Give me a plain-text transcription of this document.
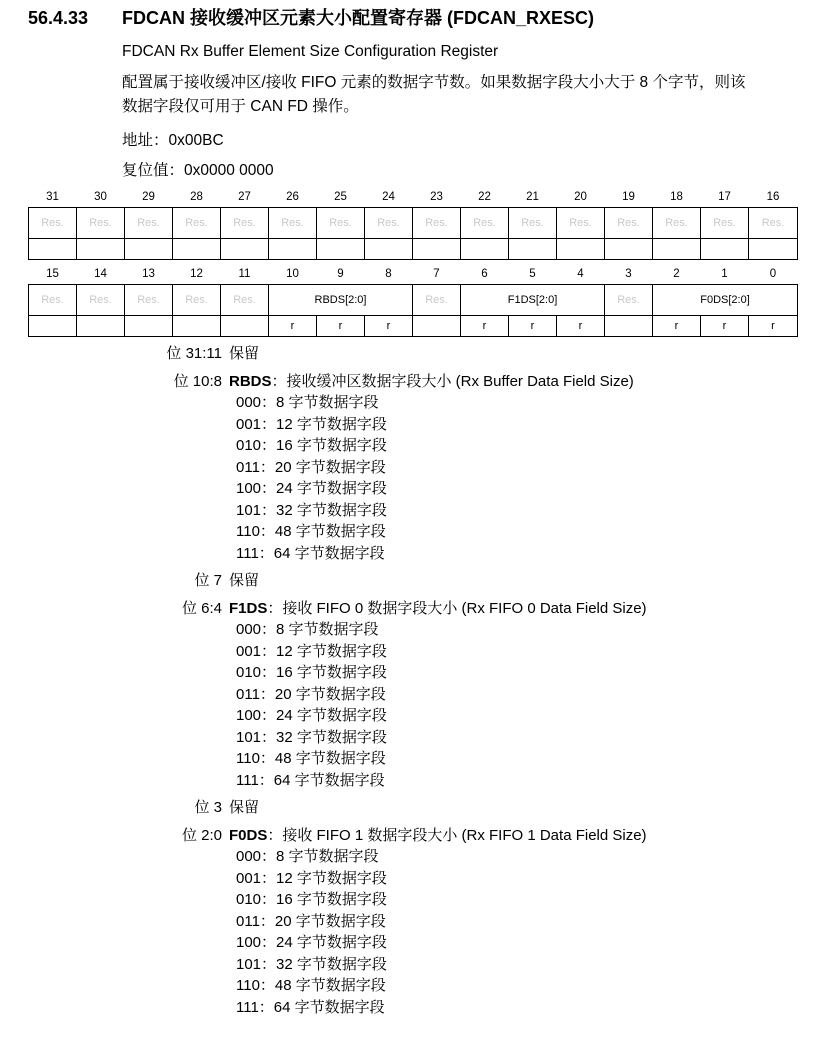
56.4.33 FDCAN 接收缓冲区元素大小配置寄存器 (FDCAN_RXESC)
FDCAN Rx Buffer Element Size Configuration Register
配置属于接收缓冲区/接收 FIFO 元素的数据字节数。如果数据字段大小大于 8 个字节，则该
数据字段仅可用于 CAN FD 操作。
地址：0x00BC
复位值：0x0000 0000
31	30	29	28	27	26	25	24	23	22	21	20	19	18	17	16
Res.	Res.	Res.	Res.	Res.	Res.	Res.	Res.	Res.	Res.	Res.	Res.	Res.	Res.	Res.	Res.

15	14	13	12	11	10	9	8	7	6	5	4	3	2	1	0
Res.	Res.	Res.	Res.	Res.	RBDS[2:0]			Res.	F1DS[2:0]			Res.	F0DS[2:0]		
					r	r	r		r	r	r		r	r	r
位 31:11 保留
位 10:8 RBDS：接收缓冲区数据字段大小 (Rx Buffer Data Field Size)
000：8 字节数据字段
001：12 字节数据字段
010：16 字节数据字段
011：20 字节数据字段
100：24 字节数据字段
101：32 字节数据字段
110：48 字节数据字段
111：64 字节数据字段
位 7 保留
位 6:4 F1DS：接收 FIFO 0 数据字段大小 (Rx FIFO 0 Data Field Size)
000：8 字节数据字段
001：12 字节数据字段
010：16 字节数据字段
011：20 字节数据字段
100：24 字节数据字段
101：32 字节数据字段
110：48 字节数据字段
111：64 字节数据字段
位 3 保留
位 2:0 F0DS：接收 FIFO 1 数据字段大小 (Rx FIFO 1 Data Field Size)
000：8 字节数据字段
001：12 字节数据字段
010：16 字节数据字段
011：20 字节数据字段
100：24 字节数据字段
101：32 字节数据字段
110：48 字节数据字段
111：64 字节数据字段
